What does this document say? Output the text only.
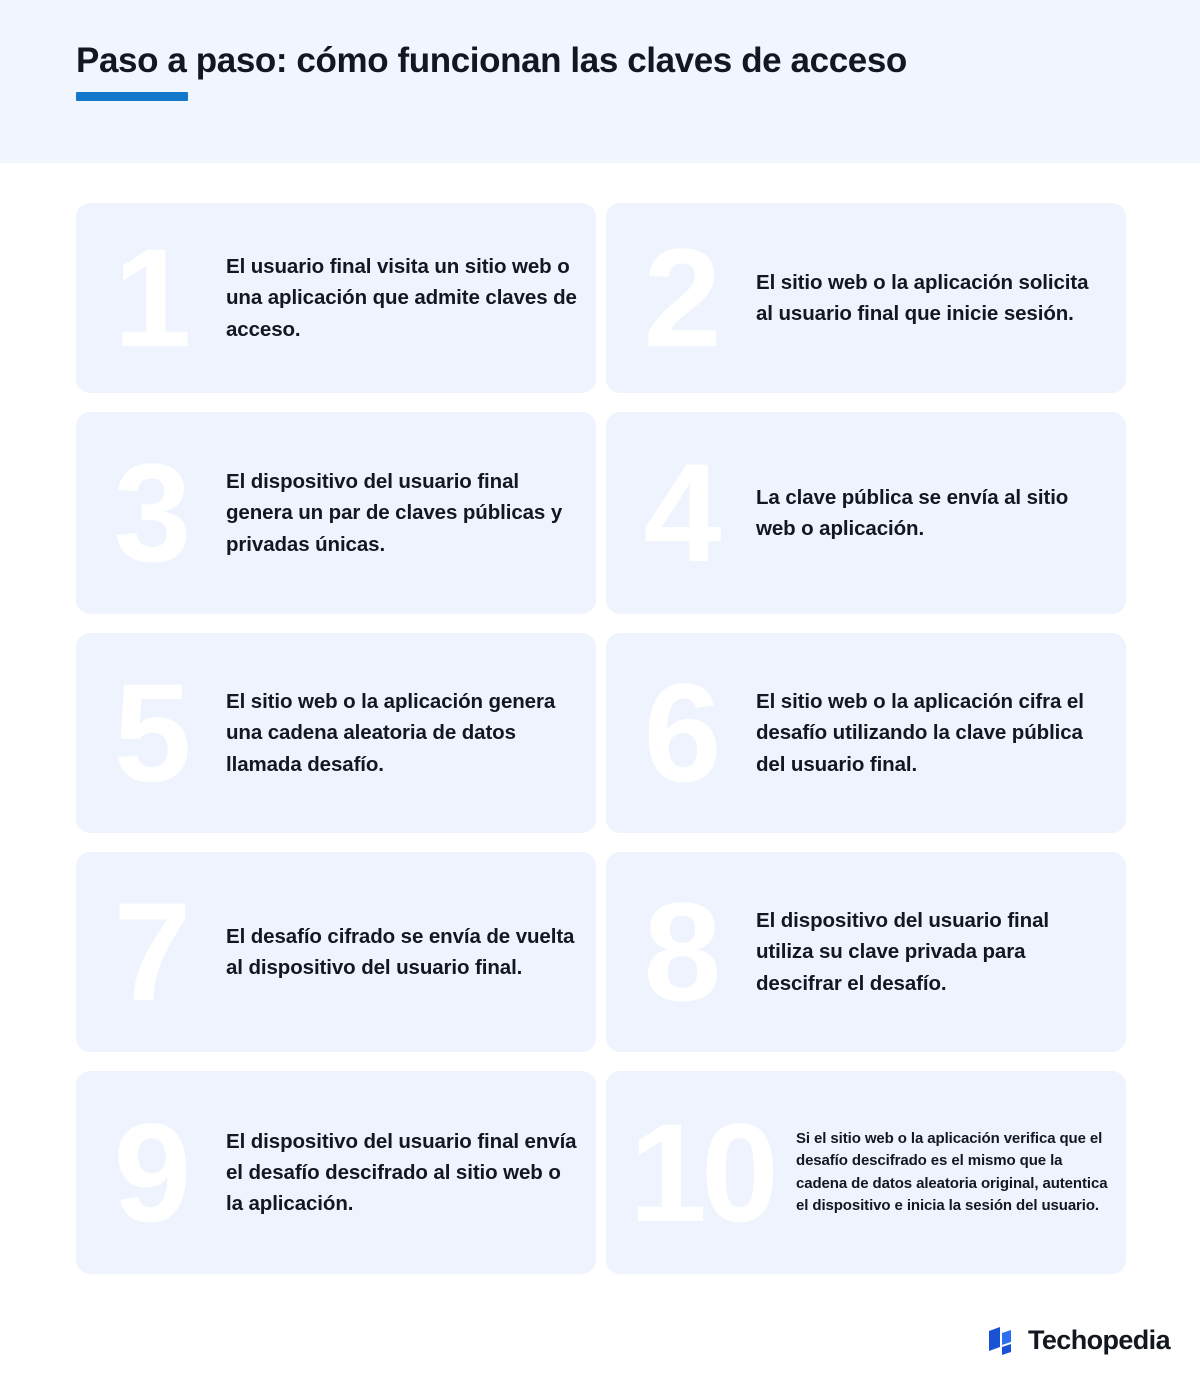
Paso a paso: cómo funcionan las claves de acceso
1	El usuario final visita un sitio web o una aplicación que admite claves de acceso.	2	El sitio web o la aplicación solicita al usuario final que inicie sesión.
3	El dispositivo del usuario final genera un par de claves públicas y privadas únicas.	4	La clave pública se envía al sitio web o aplicación.
5	El sitio web o la aplicación genera una cadena aleatoria de datos llamada desafío.	6	El sitio web o la aplicación cifra el desafío utilizando la clave pública del usuario final.
7	El desafío cifrado se envía de vuelta al dispositivo del usuario final. 8	El dispositivo del usuario final utiliza su clave privada para descifrar el desafío.
9	El dispositivo del usuario final envía el desafío descifrado al sitio web o la aplicación.	10	Si el sitio web o la aplicación verifica que el desafío descifrado es el mismo que la cadena de datos aleatoria original, autentica el dispositivo e inicia la sesión del usuario.
Techopedia
